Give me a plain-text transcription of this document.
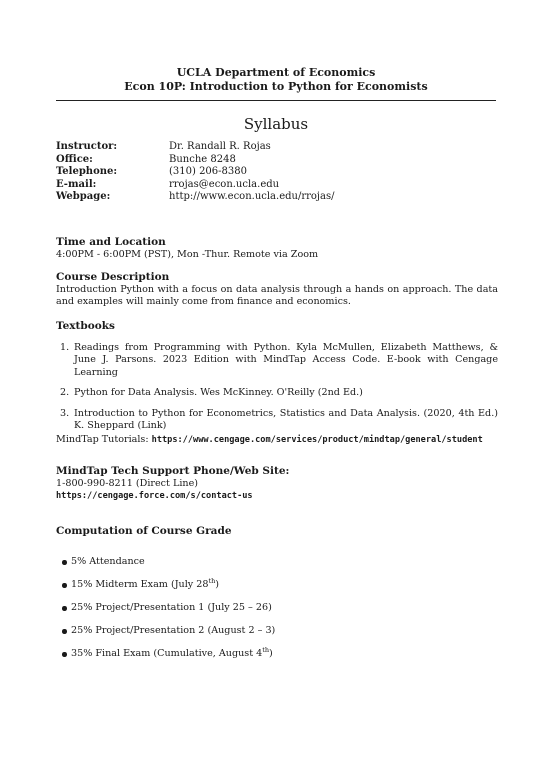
UCLA Department of Economics
Econ 10P: Introduction to Python for Economists
Syllabus
Instructor:	Dr. Randall R. Rojas
Office:	Bunche 8248
Telephone:	(310) 206-8380
E-mail:	rrojas@econ.ucla.edu
Webpage:	http://www.econ.ucla.edu/rrojas/
Time and Location
4:00PM - 6:00PM (PST), Mon -Thur. Remote via Zoom
Course Description
Introduction Python with a focus on data analysis through a hands on approach. The data and examples will mainly come from finance and economics.
Textbooks
1. Readings from Programming with Python. Kyla McMullen, Elizabeth Matthews, & June J. Parsons. 2023 Edition with MindTap Access Code. E-book with Cengage Learning
2. Python for Data Analysis. Wes McKinney. O'Reilly (2nd Ed.)
3. Introduction to Python for Econometrics, Statistics and Data Analysis. (2020, 4th Ed.) K. Sheppard (Link)
MindTap Tutorials: https://www.cengage.com/services/product/mindtap/general/student
MindTap Tech Support Phone/Web Site:
1-800-990-8211 (Direct Line)
https://cengage.force.com/s/contact-us
Computation of Course Grade
5% Attendance
15% Midterm Exam (July 28th)
25% Project/Presentation 1 (July 25 – 26)
25% Project/Presentation 2 (August 2 – 3)
35% Final Exam (Cumulative, August 4th)
